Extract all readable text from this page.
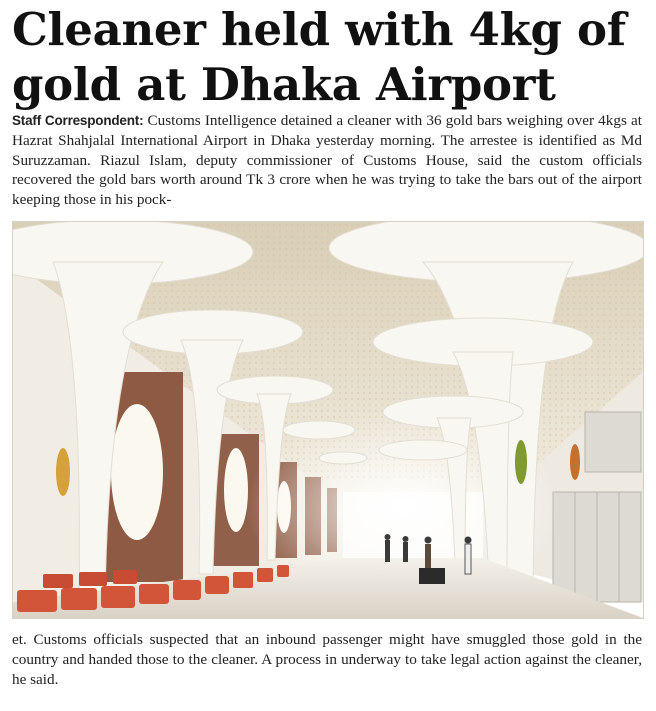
Cleaner held with 4kg of
gold at Dhaka Airport
Staff Correspondent: Customs Intelligence detained a cleaner with 36 gold bars weighing over 4kgs at Hazrat Shahjalal International Airport in Dhaka yesterday morning. The arrestee is identified as Md Suruzzaman. Riazul Islam, deputy commissioner of Customs House, said the custom officials recovered the gold bars worth around Tk 3 crore when he was trying to take the bars out of the airport keeping those in his pock-
et. Customs officials suspected that an inbound passenger might have smuggled those gold in the country and handed those to the cleaner. A process in underway to take legal action against the cleaner, he said.
